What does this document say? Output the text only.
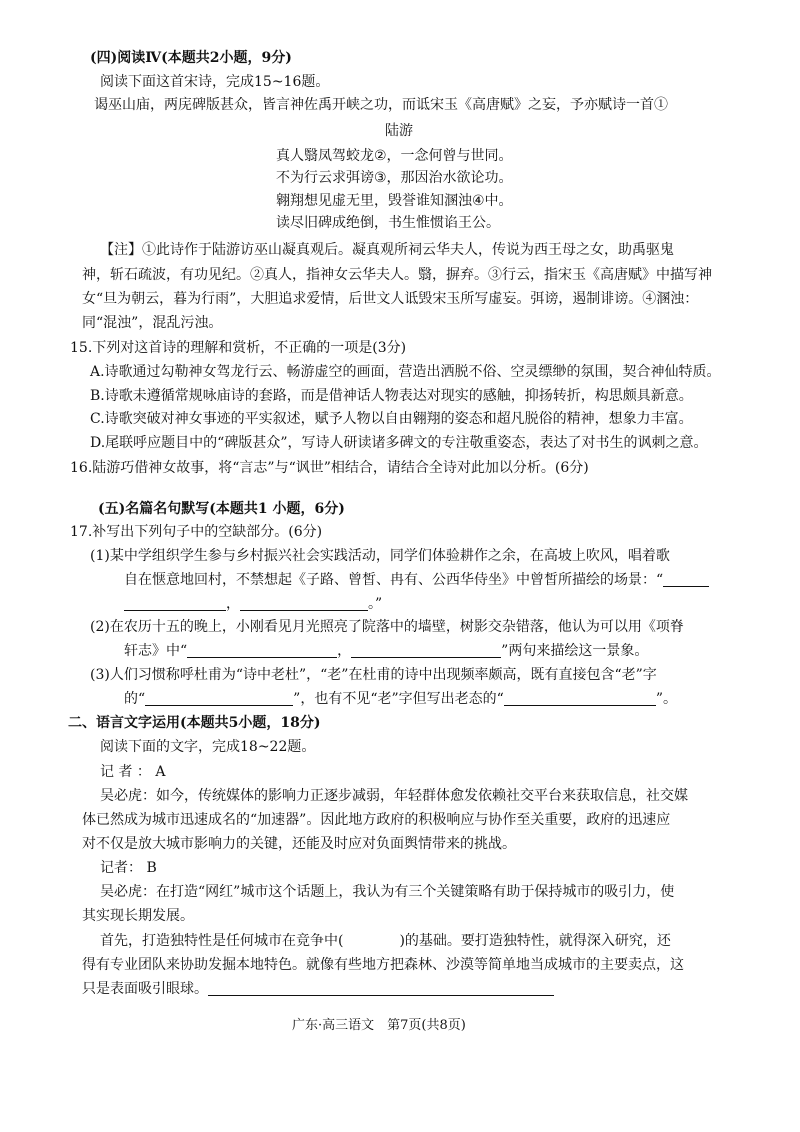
(四)阅读Ⅳ(本题共2小题，9分)
阅读下面这首宋诗，完成15~16题。
谒巫山庙，两庑碑版甚众，皆言神佐禹开峡之功，而诋宋玉《高唐赋》之妄，予亦赋诗一首①
陆游
真人翳凤驾蛟龙②，一念何曾与世同。
不为行云求弭谤③，那因治水欲论功。
翱翔想见虚无里，毁誉谁知溷浊④中。
读尽旧碑成绝倒，书生惟惯谄王公。
【注】①此诗作于陆游访巫山凝真观后。凝真观所祠云华夫人，传说为西王母之女，助禹驱鬼
神，斩石疏波，有功见纪。②真人，指神女云华夫人。翳，摒弃。③行云，指宋玉《高唐赋》中描写神
女“旦为朝云，暮为行雨”，大胆追求爱情，后世文人诋毁宋玉所写虚妄。弭谤，遏制诽谤。④溷浊：
同“混浊”，混乱污浊。
15.下列对这首诗的理解和赏析，不正确的一项是(3分)
A.诗歌通过勾勒神女驾龙行云、畅游虚空的画面，营造出洒脱不俗、空灵缥缈的氛围，契合神仙特质。
B.诗歌未遵循常规咏庙诗的套路，而是借神话人物表达对现实的感触，抑扬转折，构思颇具新意。
C.诗歌突破对神女事迹的平实叙述，赋予人物以自由翱翔的姿态和超凡脱俗的精神，想象力丰富。
D.尾联呼应题目中的“碑版甚众”，写诗人研读诸多碑文的专注敬重姿态，表达了对书生的讽刺之意。
16.陆游巧借神女故事，将“言志”与“讽世”相结合，请结合全诗对此加以分析。(6分)
(五)名篇名句默写(本题共1 小题，6分)
17.补写出下列句子中的空缺部分。(6分)
(1)某中学组织学生参与乡村振兴社会实践活动，同学们体验耕作之余，在高坡上吹风，唱着歌
自在惬意地回村，不禁想起《子路、曾皙、冉有、公西华侍坐》中曾皙所描绘的场景：“
，	。”
(2)在农历十五的晚上，小刚看见月光照亮了院落中的墙壁，树影交杂错落，他认为可以用《项脊
轩志》中“	，	”两句来描绘这一景象。
(3)人们习惯称呼杜甫为“诗中老杜”，“老”在杜甫的诗中出现频率颇高，既有直接包含“老”字
的“	”，也有不见“老”字但写出老态的“	”。
二、语言文字运用(本题共5小题，18分)
阅读下面的文字，完成18~22题。
记 者 ： A
吴必虎：如今，传统媒体的影响力正逐步减弱，年轻群体愈发依赖社交平台来获取信息，社交媒
体已然成为城市迅速成名的“加速器”。因此地方政府的积极响应与协作至关重要，政府的迅速应
对不仅是放大城市影响力的关键，还能及时应对负面舆情带来的挑战。
记者： B
吴必虎：在打造“网红”城市这个话题上，我认为有三个关键策略有助于保持城市的吸引力，使
其实现长期发展。
首先，打造独特性是任何城市在竞争中(	)的基础。要打造独特性，就得深入研究，还
得有专业团队来协助发掘本地特色。就像有些地方把森林、沙漠等简单地当成城市的主要卖点，这
只是表面吸引眼球。
广东·高三语文　第7页(共8页)
